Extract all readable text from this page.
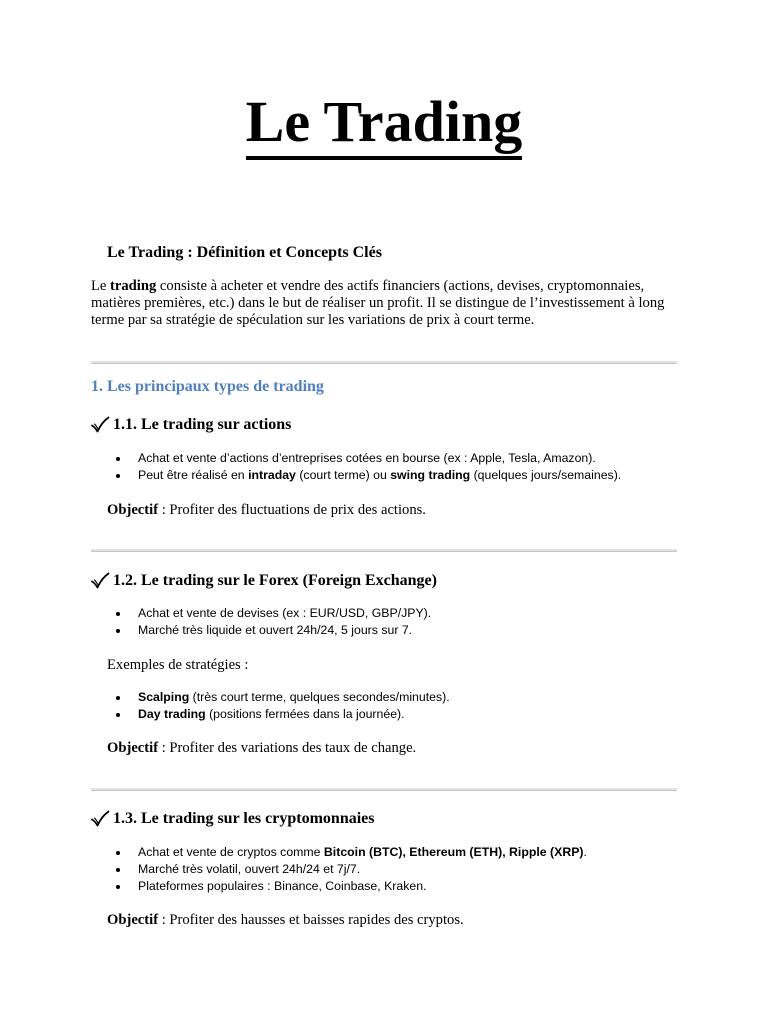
Le Trading
Le Trading : Définition et Concepts Clés
Le trading consiste à acheter et vendre des actifs financiers (actions, devises, cryptomonnaies, matières premières, etc.) dans le but de réaliser un profit. Il se distingue de l’investissement à long terme par sa stratégie de spéculation sur les variations de prix à court terme.
1. Les principaux types de trading
1.1. Le trading sur actions
Achat et vente d’actions d’entreprises cotées en bourse (ex : Apple, Tesla, Amazon).
Peut être réalisé en intraday (court terme) ou swing trading (quelques jours/semaines).
Objectif : Profiter des fluctuations de prix des actions.
1.2. Le trading sur le Forex (Foreign Exchange)
Achat et vente de devises (ex : EUR/USD, GBP/JPY).
Marché très liquide et ouvert 24h/24, 5 jours sur 7.
Exemples de stratégies :
Scalping (très court terme, quelques secondes/minutes).
Day trading (positions fermées dans la journée).
Objectif : Profiter des variations des taux de change.
1.3. Le trading sur les cryptomonnaies
Achat et vente de cryptos comme Bitcoin (BTC), Ethereum (ETH), Ripple (XRP).
Marché très volatil, ouvert 24h/24 et 7j/7.
Plateformes populaires : Binance, Coinbase, Kraken.
Objectif : Profiter des hausses et baisses rapides des cryptos.
